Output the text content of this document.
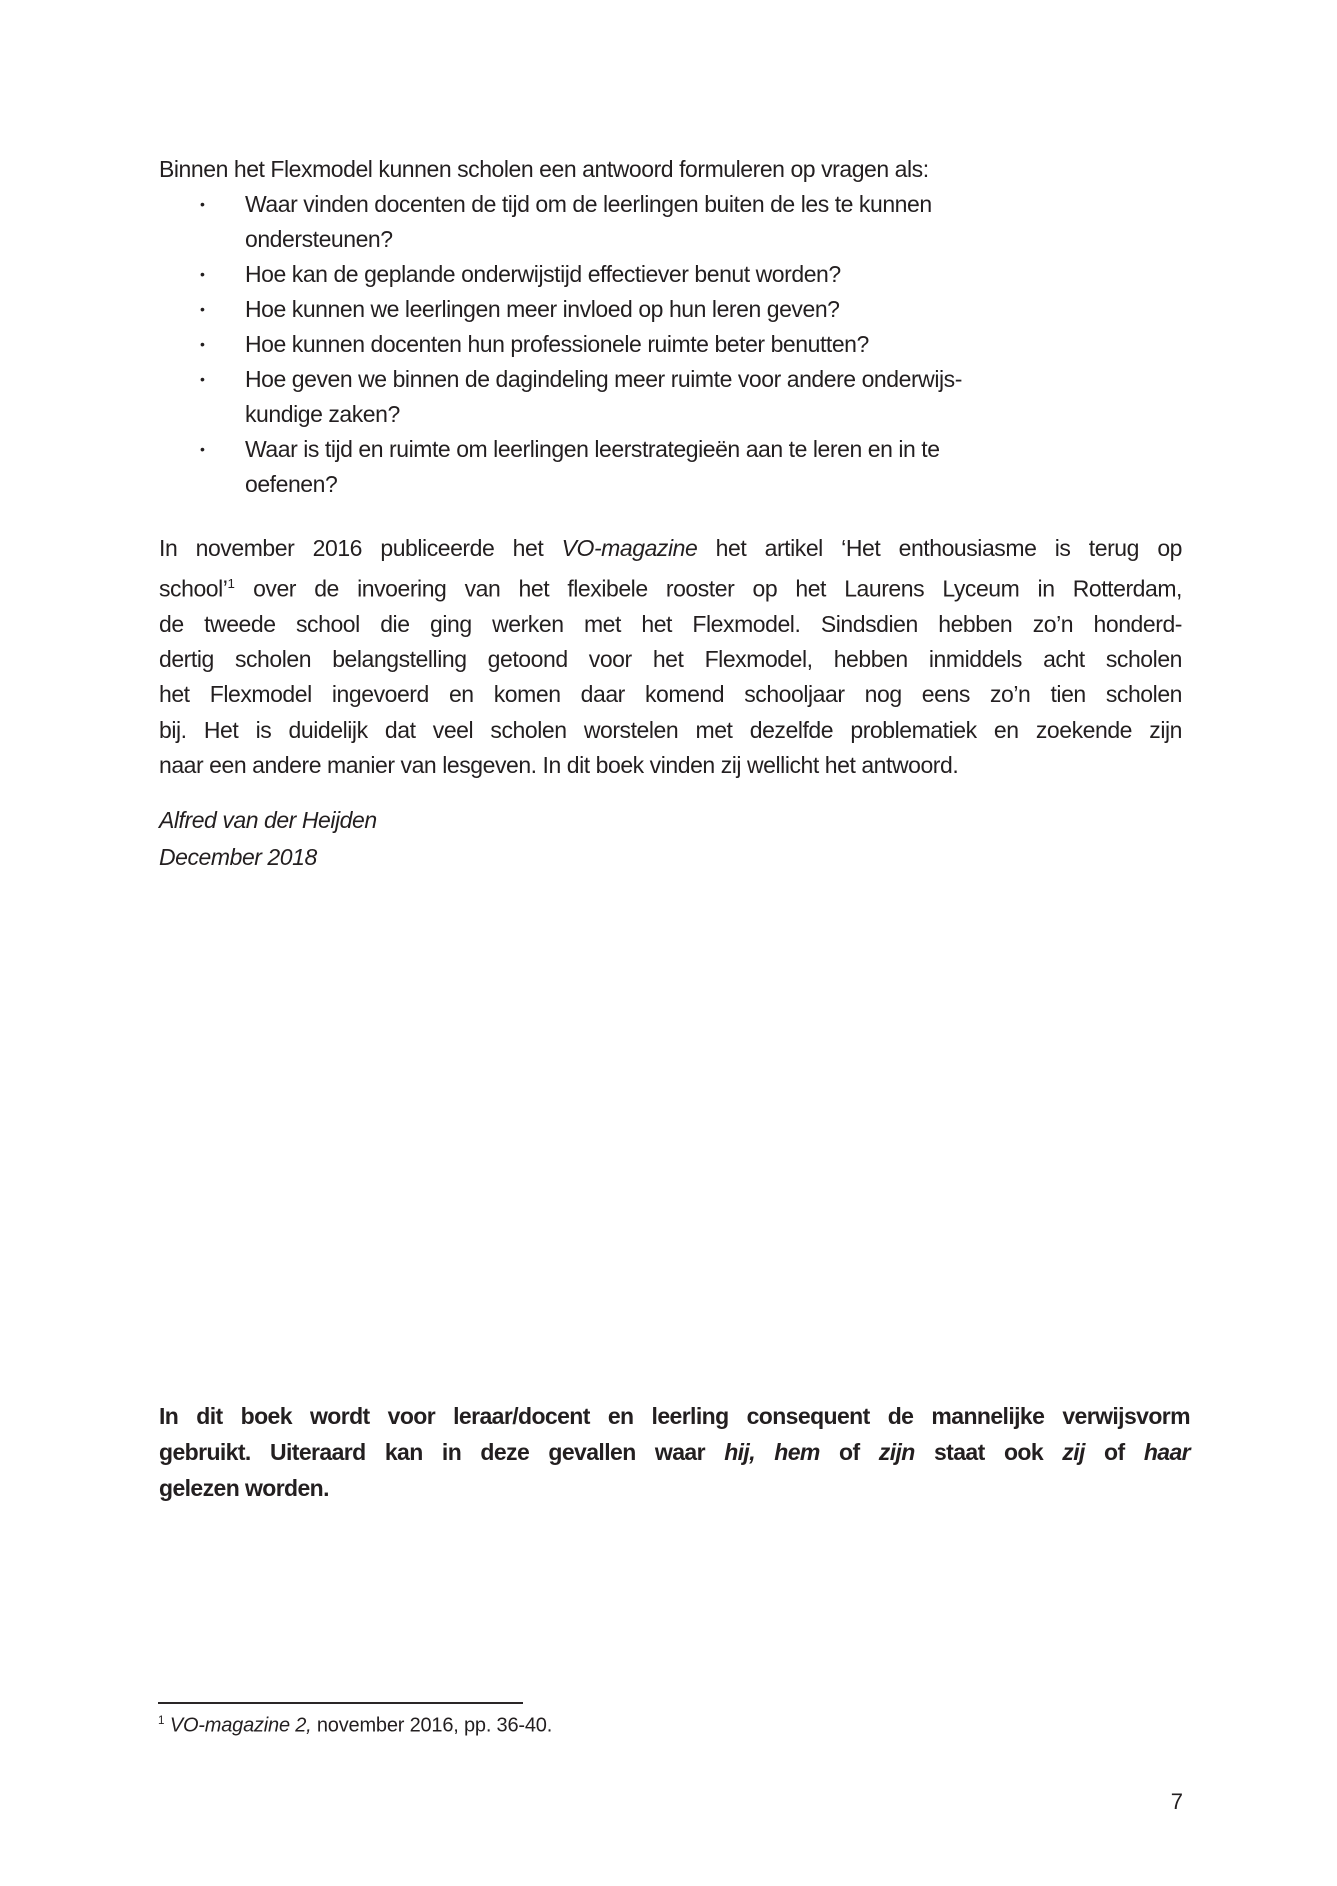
Binnen het Flexmodel kunnen scholen een antwoord formuleren op vragen als:
• Waar vinden docenten de tijd om de leerlingen buiten de les te kunnen
ondersteunen?
• Hoe kan de geplande onderwijstijd effectiever benut worden?
• Hoe kunnen we leerlingen meer invloed op hun leren geven?
• Hoe kunnen docenten hun professionele ruimte beter benutten?
• Hoe geven we binnen de dagindeling meer ruimte voor andere onderwijs-
kundige zaken?
• Waar is tijd en ruimte om leerlingen leerstrategieën aan te leren en in te
oefenen?
In november 2016 publiceerde het VO-magazine het artikel ‘Het enthousiasme is terug op
school’$^1$ over de invoering van het flexibele rooster op het Laurens Lyceum in Rotterdam,
de tweede school die ging werken met het Flexmodel. Sindsdien hebben zo’n honderd-
dertig scholen belangstelling getoond voor het Flexmodel, hebben inmiddels acht scholen
het Flexmodel ingevoerd en komen daar komend schooljaar nog eens zo’n tien scholen
bij. Het is duidelijk dat veel scholen worstelen met dezelfde problematiek en zoekende zijn
naar een andere manier van lesgeven. In dit boek vinden zij wellicht het antwoord.
Alfred van der Heijden
December 2018
In dit boek wordt voor leraar/docent en leerling consequent de mannelijke verwijsvorm
gebruikt. Uiteraard kan in deze gevallen waar hij, hem of zijn staat ook zij of haar
gelezen worden.
$^1$ VO-magazine 2, november 2016, pp. 36-40.
7
